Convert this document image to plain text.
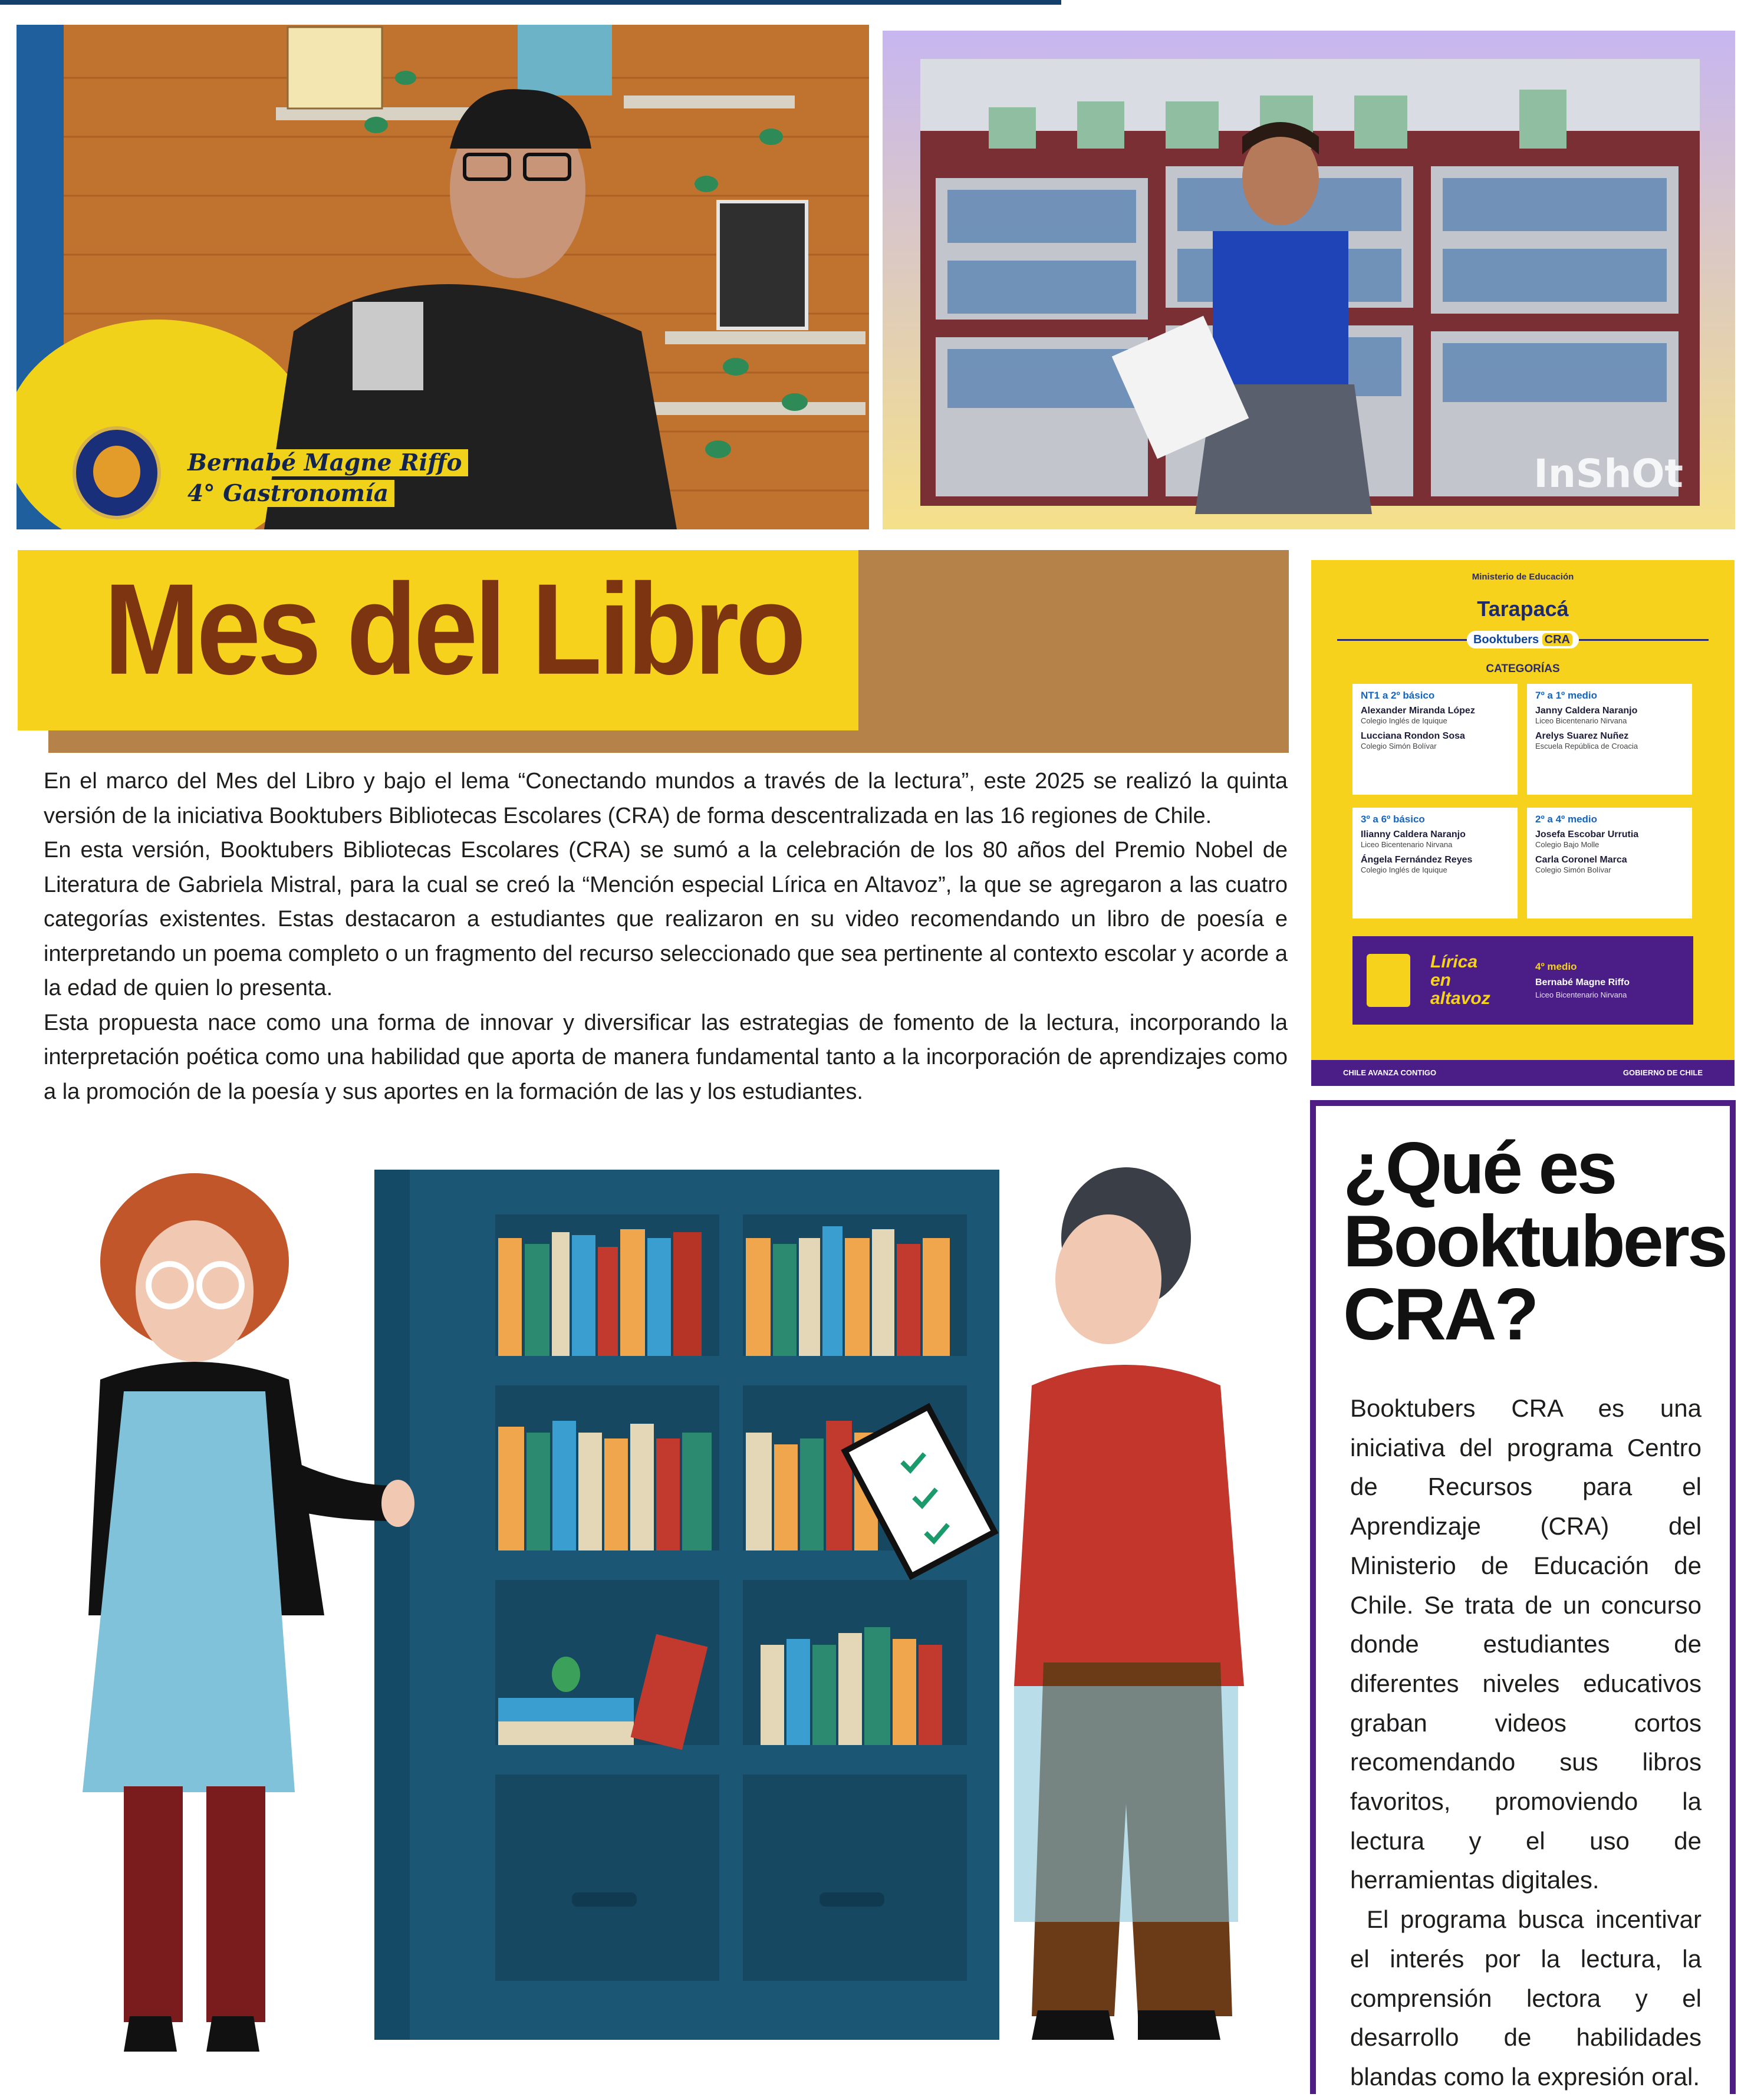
Bernabé Magne Riffo
4° Gastronomía	InShOt
Mes del Libro

En el marco del Mes del Libro y bajo el lema “Conectando mundos a través de la lectura”, este 2025 se realizó la quinta versión de la iniciativa Booktubers Bibliotecas Escolares (CRA) de forma descentralizada en las 16 regiones de Chile.

En esta versión, Booktubers Bibliotecas Escolares (CRA) se sumó a la celebración de los 80 años del Premio Nobel de Literatura de Gabriela Mistral, para la cual se creó la “Mención especial Lírica en Altavoz”, la que se agregaron a las cuatro categorías existentes. Estas destacaron a estudiantes que realizaron en su video recomendando un libro de poesía e interpretando un poema completo o un fragmento del recurso seleccionado que sea pertinente al contexto escolar y acorde a la edad de quien lo presenta.

Esta propuesta nace como una forma de innovar y diversificar las estrategias de fomento de la lectura, incorporando la interpretación poética como una habilidad que aporta de manera fundamental tanto a la incorporación de aprendizajes como a la promoción de la poesía y sus aportes en la formación de las y los estudiantes.

Ministerio de Educación
Tarapacá
Booktubers CRA
CATEGORÍAS
NT1 a 2º básico
Alexander Miranda López
Colegio Inglés de Iquique
Lucciana Rondon Sosa
Colegio Simón Bolívar
7º a 1º medio
Janny Caldera Naranjo
Liceo Bicentenario Nirvana
Arelys Suarez Nuñez
Escuela República de Croacia
3º a 6º básico
Ilianny Caldera Naranjo
Liceo Bicentenario Nirvana
Ángela Fernández Reyes
Colegio Inglés de Iquique
2º a 4º medio
Josefa Escobar Urrutia
Colegio Bajo Molle
Carla Coronel Marca
Colegio Simón Bolívar
Lírica
en
altavoz
4º medio
Bernabé Magne Riffo
Liceo Bicentenario Nirvana
CHILE AVANZA CONTIGO	GOBIERNO DE CHILE
¿Qué es
Booktubers
CRA?

Booktubers CRA es una iniciativa del programa Centro de Recursos para el Aprendizaje (CRA) del Ministerio de Educación de Chile. Se trata de un concurso donde estudiantes de diferentes niveles educativos graban videos cortos recomendando sus libros favoritos, promoviendo la lectura y el uso de herramientas digitales.

El programa busca incentivar el interés por la lectura, la comprensión lectora y el desarrollo de habilidades blandas como la expresión oral.
